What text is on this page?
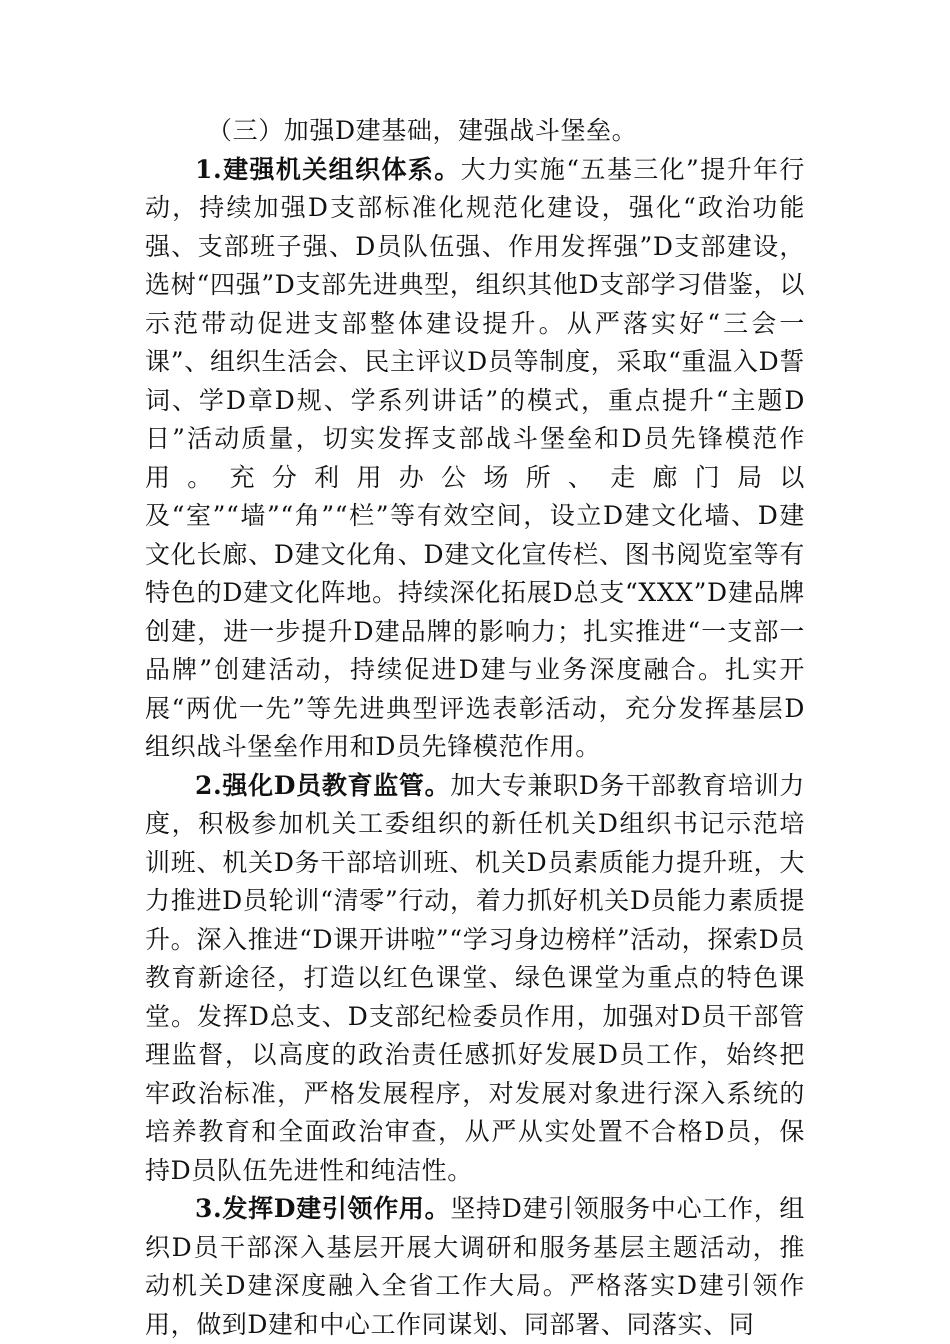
（三）加强D建基础，建强战斗堡垒。

1.建强机关组织体系。大力实施“五基三化”提升年行动，持续加强D支部标准化规范化建设，强化“政治功能强、支部班子强、D员队伍强、作用发挥强”D支部建设，选树“四强”D支部先进典型，组织其他D支部学习借鉴，以示范带动促进支部整体建设提升。从严落实好“三会一课”、组织生活会、民主评议D员等制度，采取“重温入D誓词、学D章D规、学系列讲话”的模式，重点提升“主题D日”活动质量，切实发挥支部战斗堡垒和D员先锋模范作用。充分利用办公场所、走廊门局以及“室”“墙”“角”“栏”等有效空间，设立D建文化墙、D建文化长廊、D建文化角、D建文化宣传栏、图书阅览室等有特色的D建文化阵地。持续深化拓展D总支“XXX”D建品牌创建，进一步提升D建品牌的影响力；扎实推进“一支部一品牌”创建活动，持续促进D建与业务深度融合。扎实开展“两优一先”等先进典型评选表彰活动，充分发挥基层D组织战斗堡垒作用和D员先锋模范作用。

2.强化D员教育监管。加大专兼职D务干部教育培训力度，积极参加机关工委组织的新任机关D组织书记示范培训班、机关D务干部培训班、机关D员素质能力提升班，大力推进D员轮训“清零”行动，着力抓好机关D员能力素质提升。深入推进“D课开讲啦”“学习身边榜样”活动，探索D员教育新途径，打造以红色课堂、绿色课堂为重点的特色课堂。发挥D总支、D支部纪检委员作用，加强对D员干部管理监督，以高度的政治责任感抓好发展D员工作，始终把牢政治标准，严格发展程序，对发展对象进行深入系统的培养教育和全面政治审查，从严从实处置不合格D员，保持D员队伍先进性和纯洁性。

3.发挥D建引领作用。坚持D建引领服务中心工作，组织D员干部深入基层开展大调研和服务基层主题活动，推动机关D建深度融入全省工作大局。严格落实D建引领作用，做到D建和中心工作同谋划、同部署、同落实、同
